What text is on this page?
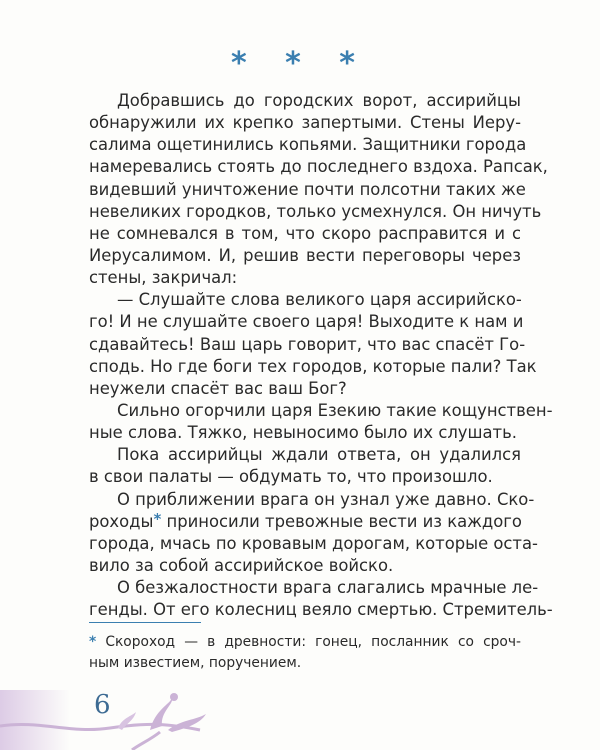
* * *
Добравшись до городских ворот, ассирийцы
обнаружили их крепко запертыми. Стены Иеру-
салима ощетинились копьями. Защитники города
намеревались стоять до последнего вздоха. Рапсак,
видевший уничтожение почти полсотни таких же
невеликих городков, только усмехнулся. Он ничуть
не сомневался в том, что скоро расправится и с
Иерусалимом. И, решив вести переговоры через
стены, закричал:
— Слушайте слова великого царя ассирийско-
го! И не слушайте своего царя! Выходите к нам и
сдавайтесь! Ваш царь говорит, что вас спасёт Го-
сподь. Но где боги тех городов, которые пали? Так
неужели спасёт вас ваш Бог?
Сильно огорчили царя Езекию такие кощунствен-
ные слова. Тяжко, невыносимо было их слушать.
Пока ассирийцы ждали ответа, он удалился
в свои палаты — обдумать то, что произошло.
О приближении врага он узнал уже давно. Ско-
роходы* приносили тревожные вести из каждого
города, мчась по кровавым дорогам, которые оста-
вило за собой ассирийское войско.
О безжалостности врага слагались мрачные ле-
генды. От его колесниц веяло смертью. Стремитель-
* Скороход — в древности: гонец, посланник со сроч-
ным известием, поручением.
6
